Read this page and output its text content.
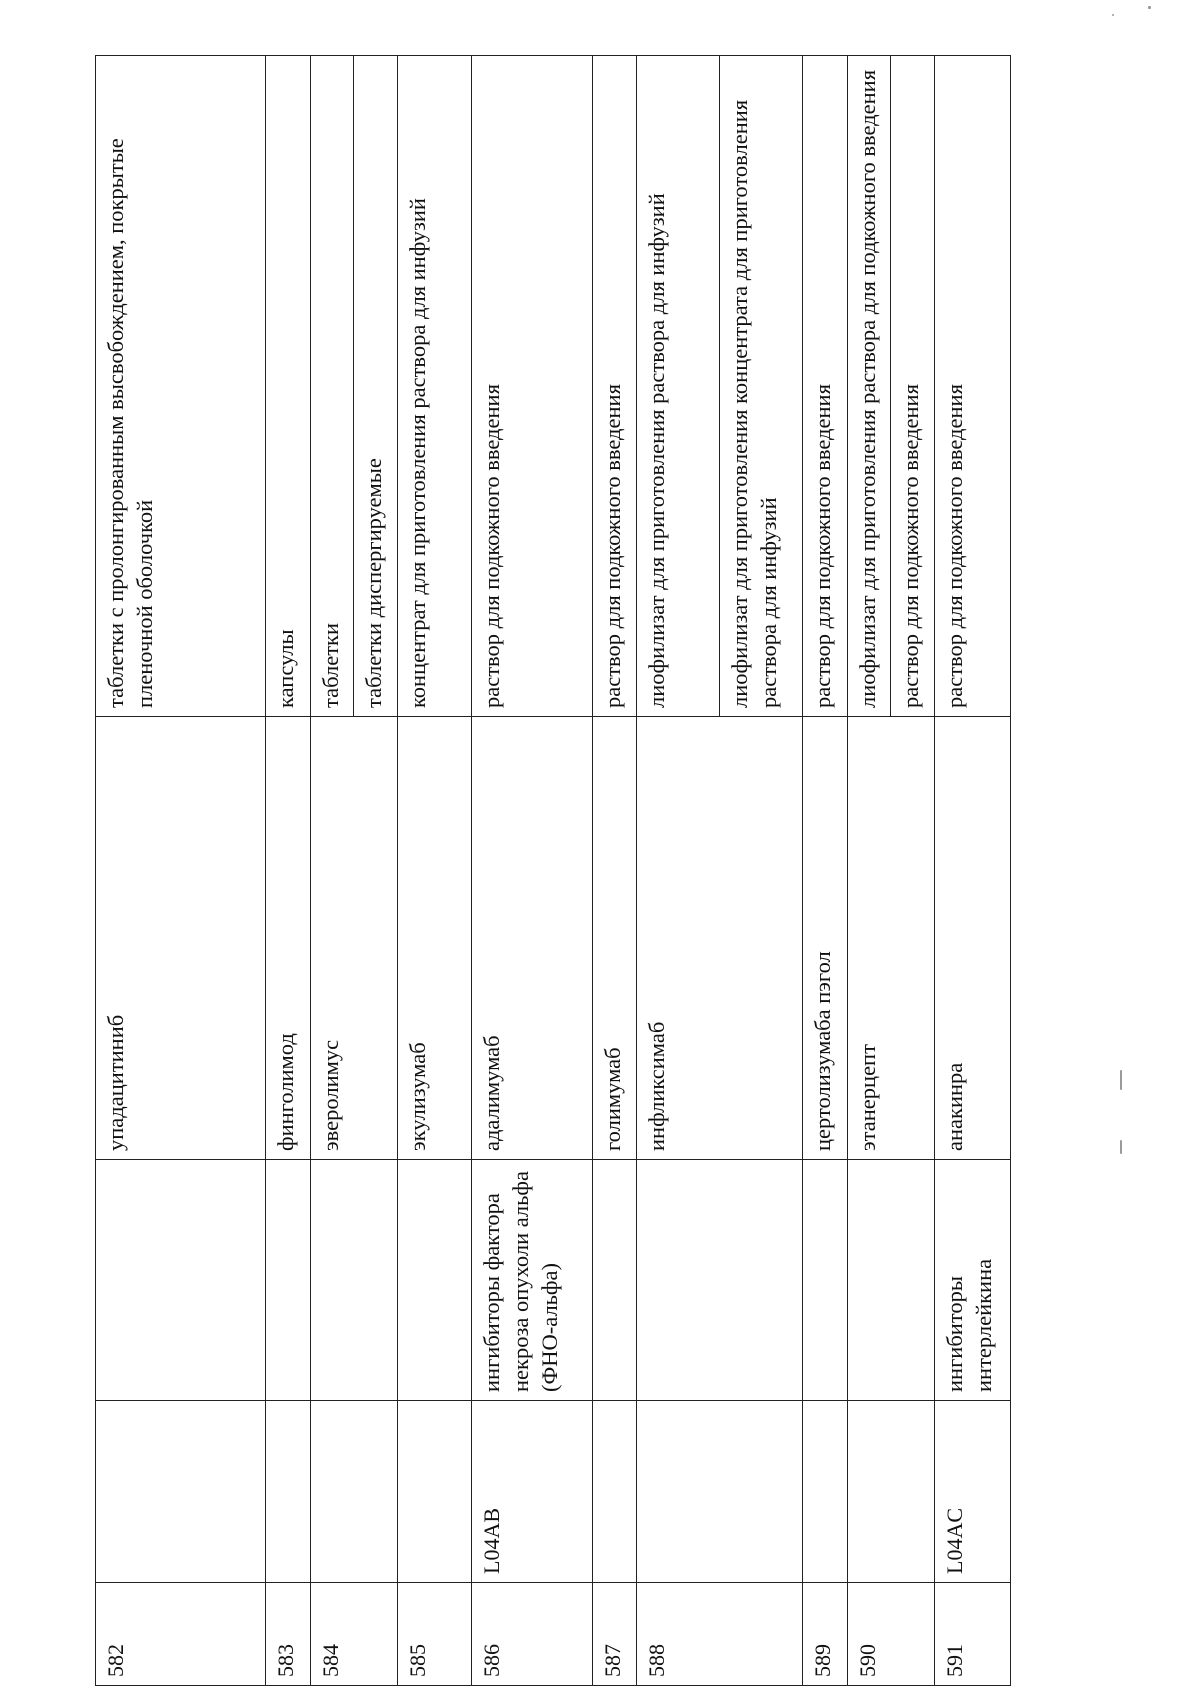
582			упадацитиниб	таблетки с пролонгированным высвобождением, покрытые пленочной оболочкой
583			финголимод	капсулы
584			эверолимус	таблетки
				таблетки диспергируемые
585			экулизумаб	концентрат для приготовления раствора для инфузий
586	L04AB	ингибиторы фактора некроза опухоли альфа (ФНО-альфа)	адалимумаб	раствор для подкожного введения
587			голимумаб	раствор для подкожного введения
588			инфликсимаб	лиофилизат для приготовления раствора для инфузий
				лиофилизат для приготовления концентрата для приготовления раствора для инфузий
589			цертолизумаба пэгол	раствор для подкожного введения
590			этанерцепт	лиофилизат для приготовления раствора для подкожного введения
				раствор для подкожного введения
591	L04AC	ингибиторы интерлейкина	анакинра	раствор для подкожного введения
